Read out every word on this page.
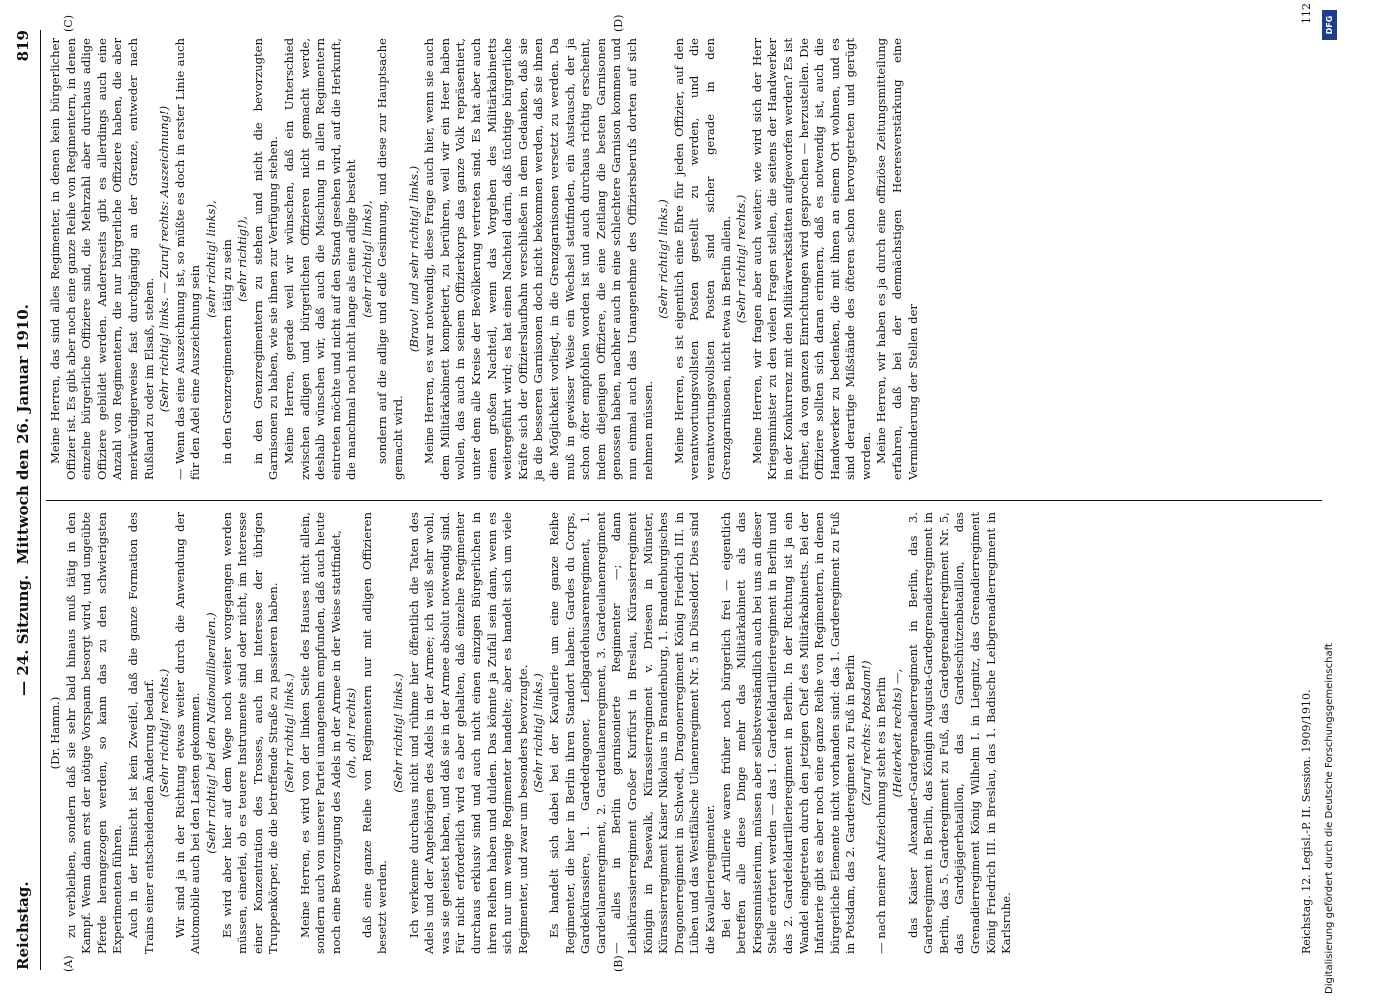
Reichstag.
— 24. Sitzung.  Mittwoch den 26. Januar 1910.
819
(A)	(B)
(C)	(D)

(Dr. Hamm.) zu verbleiben, sondern daß sie sehr bald hinaus muß tätig in den Kampf. Wenn dann erst der nötige Vorspann besorgt wird, und ungeübte Pferde herangezogen werden, so kann das zu den schwierigsten Experimenten führen. Auch in der Hinsicht ist kein Zweifel, daß die ganze Formation des Trains einer entscheidenden Änderung bedarf. (Sehr richtig! rechts.) Wir sind ja in der Richtung etwas weiter durch die Anwendung der Automobile auch bei den Lasten gekommen. (Sehr richtig! bei den Nationalliberalen.) Es wird aber hier auf dem Wege noch weiter vorgegangen werden müssen, einerlei, ob es teuere Instrumente sind oder nicht, im Interesse einer Konzentration des Trosses, auch im Interesse der übrigen Truppenkörper, die die betreffende Straße zu passieren haben. (Sehr richtig! links.) Meine Herren, es wird von der linken Seite des Hauses nicht allein, sondern auch von unserer Partei unangenehm empfunden, daß auch heute noch eine Bevorzugung des Adels in der Armee in der Weise stattfindet, (oh, oh! rechts) daß eine ganze Reihe von Regimentern nur mit adligen Offizieren besetzt werden.

(Sehr richtig! links.) Ich verkenne durchaus nicht und rühme hier öffentlich die Taten des Adels und der Angehörigen des Adels in der Armee; ich weiß sehr wohl, was sie geleistet haben, und daß sie in der Armee absolut notwendig sind. Für nicht erforderlich wird es aber gehalten, daß einzelne Regimenter durchaus erklusiv sind und auch nicht einen einzigen Bürgerlichen in ihren Reihen haben und dulden. Das könnte ja Zufall sein dann, wenn es sich nur um wenige Regimenter handelte; aber es handelt sich um viele Regimenter, und zwar um besonders bevorzugte. (Sehr richtig! links.) Es handelt sich dabei bei der Kavallerie um eine ganze Reihe Regimenter, die hier in Berlin ihren Standort haben: Gardes du Corps, Gardekürassiere, 1. Gardedragoner, Leibgardehusarenregiment, 1. Gardeulanenregiment, 2. Gardeulanenregiment, 3. Gardeulanenregiment — alles in Berlin garnisonierte Regimenter —; dann Leibkürassierregiment Großer Kurfürst in Breslau, Kürassierregiment Königin in Pasewalk, Kürassierregiment v. Driesen in Münster, Kürassierregiment Kaiser Nikolaus in Brandenburg, 1. Brandenburgisches Dragonerregiment in Schwedt, Dragonerregiment König Friedrich III. in Lüben und das Westfälische Ulanenregiment Nr. 5 in Düsseldorf. Dies sind die Kavallerieregimenter. Bei der Artillerie waren früher noch bürgerlich frei — eigentlich betreffen alle diese Dinge mehr das Militärkabinett als das Kriegsministerium, müssen aber selbstverständlich auch bei uns an dieser Stelle erörtert werden — das 1. Gardefeldartillerieregiment in Berlin und das 2. Gardefeldartillerieregiment in Berlin. In der Richtung ist ja ein Wandel eingetreten durch den jetzigen Chef des Militärkabinetts. Bei der Infanterie gibt es aber noch eine ganze Reihe von Regimentern, in denen bürgerliche Elemente nicht vorhanden sind: das 1. Garderegiment zu Fuß in Potsdam, das 2. Garderegiment zu Fuß in Berlin (Zuruf rechts: Potsdam!) — nach meiner Aufzeichnung steht es in Berlin (Heiterkeit rechts) —, das Kaiser Alexander-Gardegrenadierregiment in Berlin, das 3. Garderegiment in Berlin, das Königin Augusta-Gardegrenadierregiment in Berlin, das 5. Garderegiment zu Fuß, das Gardegrenadierregiment Nr. 5, das Gardejägerbataillon, das Gardeschützenbataillon, das Grenadierregiment König Wilhelm I. in Liegnitz, das Grenadierregiment König Friedrich III. in Breslau, das 1. Badische Leibgrenadierregiment in Karlsruhe.

Meine Herren, das sind alles Regimenter, in denen kein bürgerlicher Offizier ist. Es gibt aber noch eine ganze Reihe von Regimentern, in denen einzelne bürgerliche Offiziere sind, die Mehrzahl aber durchaus adlige Offiziere gebildet werden. Andererseits gibt es allerdings auch eine Anzahl von Regimentern, die nur bürgerliche Offiziere haben, die aber merkwürdigerweise fast durchgängig an der Grenze, entweder nach Rußland zu oder im Elsaß, stehen. (Sehr richtig! links. — Zuruf rechts: Auszeichnung!) — Wenn das eine Auszeichnung ist, so müßte es doch in erster Linie auch für den Adel eine Auszeichnung sein

(sehr richtig! links), in den Grenzregimentern tätig zu sein (sehr richtig!), in den Grenzregimentern zu stehen und nicht die bevorzugten Garnisonen zu haben, wie sie ihnen zur Verfügung stehen. Meine Herren, gerade weil wir wünschen, daß ein Unterschied zwischen adligen und bürgerlichen Offizieren nicht gemacht werde, deshalb wünschen wir, daß auch die Mischung in allen Regimentern eintreten möchte und nicht auf den Stand gesehen wird, auf die Herkunft, die manchmal noch nicht lange als eine adlige besteht (sehr richtig! links), sondern auf die adlige und edle Gesinnung, und diese zur Hauptsache gemacht wird.

(Bravo! und sehr richtig! links.) Meine Herren, es war notwendig, diese Frage auch hier, wenn sie auch dem Militärkabinett kompetiert, zu berühren, weil wir ein Heer haben wollen, das auch in seinem Offizierkorps das ganze Volk repräsentiert, unter dem alle Kreise der Bevölkerung vertreten sind. Es hat aber auch einen großen Nachteil, wenn das Vorgehen des Militärkabinetts weitergeführt wird; es hat einen Nachteil darin, daß tüchtige bürgerliche Kräfte sich der Offizierslaufbahn verschließen in dem Gedanken, daß sie ja die besseren Garnisonen doch nicht bekommen werden, daß sie ihnen die Möglichkeit vorliegt, in die Grenzgarnisonen versetzt zu werden. Da muß in gewisser Weise ein Wechsel stattfinden, ein Austausch, der ja schon öfter empfohlen worden ist und auch durchaus richtig erscheint, indem diejenigen Offiziere, die eine Zeitlang die besten Garnisonen genossen haben, nachher auch in eine schlechtere Garnison kommen und nun einmal auch das Unangenehme des Offiziersberufs dorten auf sich nehmen müssen.

(Sehr richtig! links.) Meine Herren, es ist eigentlich eine Ehre für jeden Offizier, auf den verantwortungsvollsten Posten gestellt zu werden, und die verantwortungsvollsten Posten sind sicher gerade in den Grenzgarnisonen, nicht etwa in Berlin allein. (Sehr richtig! rechts.) Meine Herren, wir fragen aber auch weiter: wie wird sich der Herr Kriegsminister zu den vielen Fragen stellen, die seitens der Handwerker in der Konkurrenz mit den Militärwerkstätten aufgeworfen werden? Es ist früher, da von ganzen Einrichtungen wird gesprochen — herzustellen. Die Offiziere sollten sich daran erinnern, daß es notwendig ist, auch die Handwerker zu bedenken, die mit ihnen an einem Ort wohnen, und es sind derartige Mißstände des öfteren schon hervorgetreten und gerügt worden. Meine Herren, wir haben es ja durch eine offiziöse Zeitungsmitteilung erfahren, daß bei der demnächstigen Heeresverstärkung eine Verminderung der Stellen der

Reichstag. 12. Legisl.-P. II. Session. 1909/1910.
112
Digitalisierung gefördert durch die Deutsche Forschungsgemeinschaft
DFG
